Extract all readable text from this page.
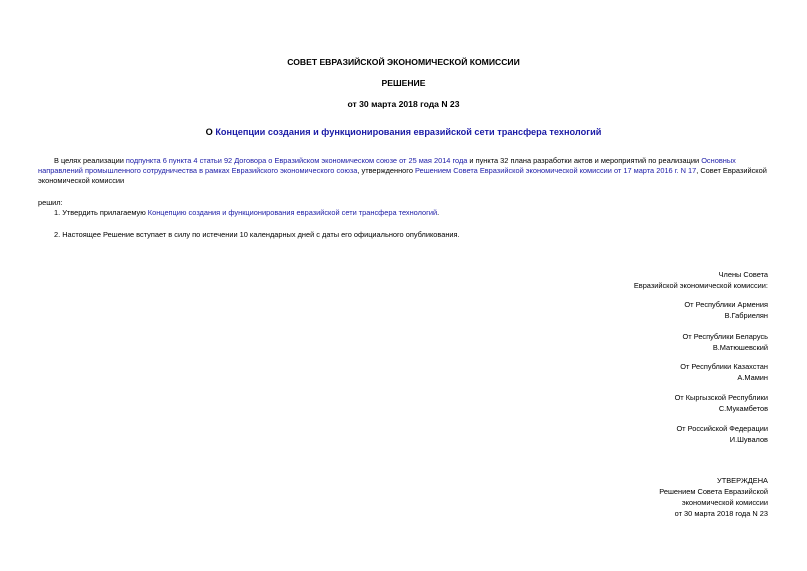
СОВЕТ ЕВРАЗИЙСКОЙ ЭКОНОМИЧЕСКОЙ КОМИССИИ
РЕШЕНИЕ
от 30 марта 2018 года N 23
О Концепции создания и функционирования евразийской сети трансфера технологий

В целях реализации подпункта 6 пункта 4 статьи 92 Договора о Евразийском экономическом союзе от 25 мая 2014 года и пункта 32 плана разработки актов и мероприятий по реализации Основных направлений промышленного сотрудничества в рамках Евразийского экономического союза, утвержденного Решением Совета Евразийской экономической комиссии от 17 марта 2016 г. N 17, Совет Евразийской экономической комиссии

решил:

1. Утвердить прилагаемую Концепцию создания и функционирования евразийской сети трансфера технологий.

2. Настоящее Решение вступает в силу по истечении 10 календарных дней с даты его официального опубликования.

Члены Совета
Евразийской экономической комиссии:
От Республики Армения
В.Габриелян
От Республики Беларусь
В.Матюшевский
От Республики Казахстан
А.Мамин
От Кыргызской Республики
С.Мукамбетов
От Российской Федерации
И.Шувалов
УТВЕРЖДЕНА
Решением Совета Евразийской
экономической комиссии
от 30 марта 2018 года N 23
